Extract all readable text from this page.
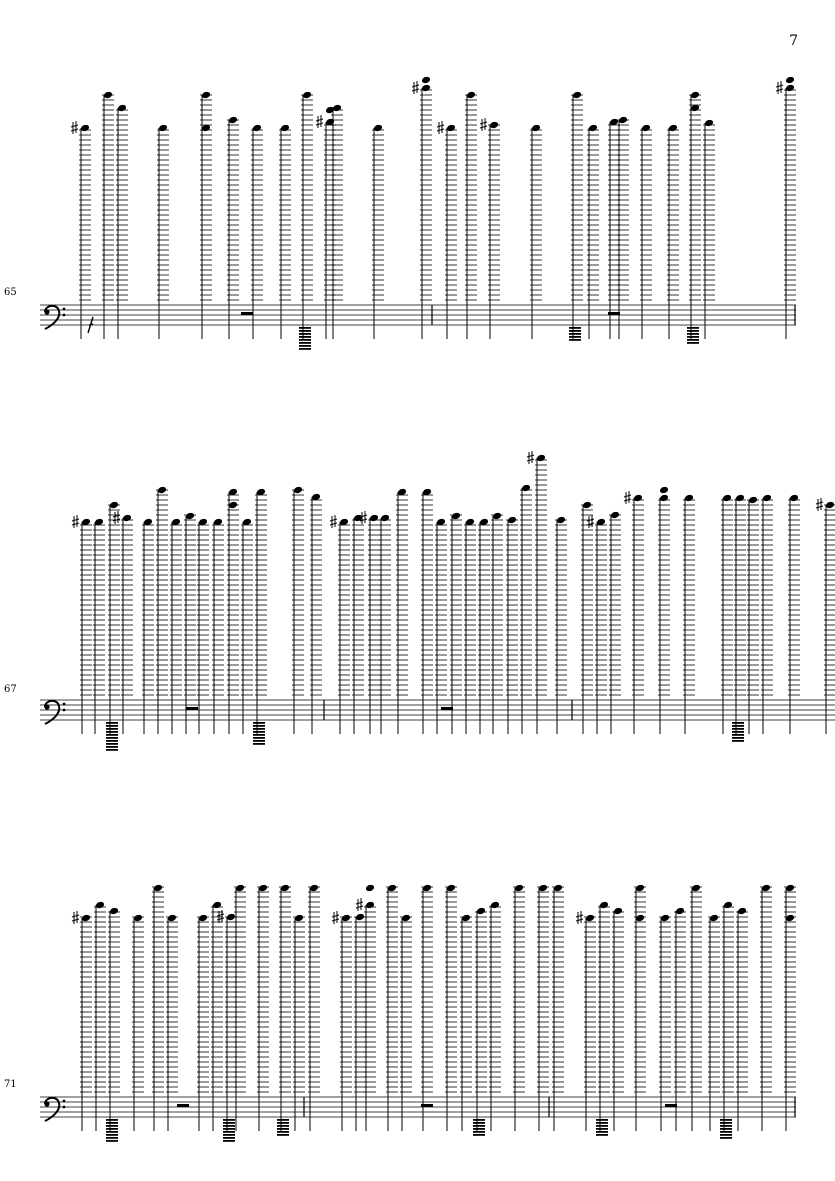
7
65
67
71
